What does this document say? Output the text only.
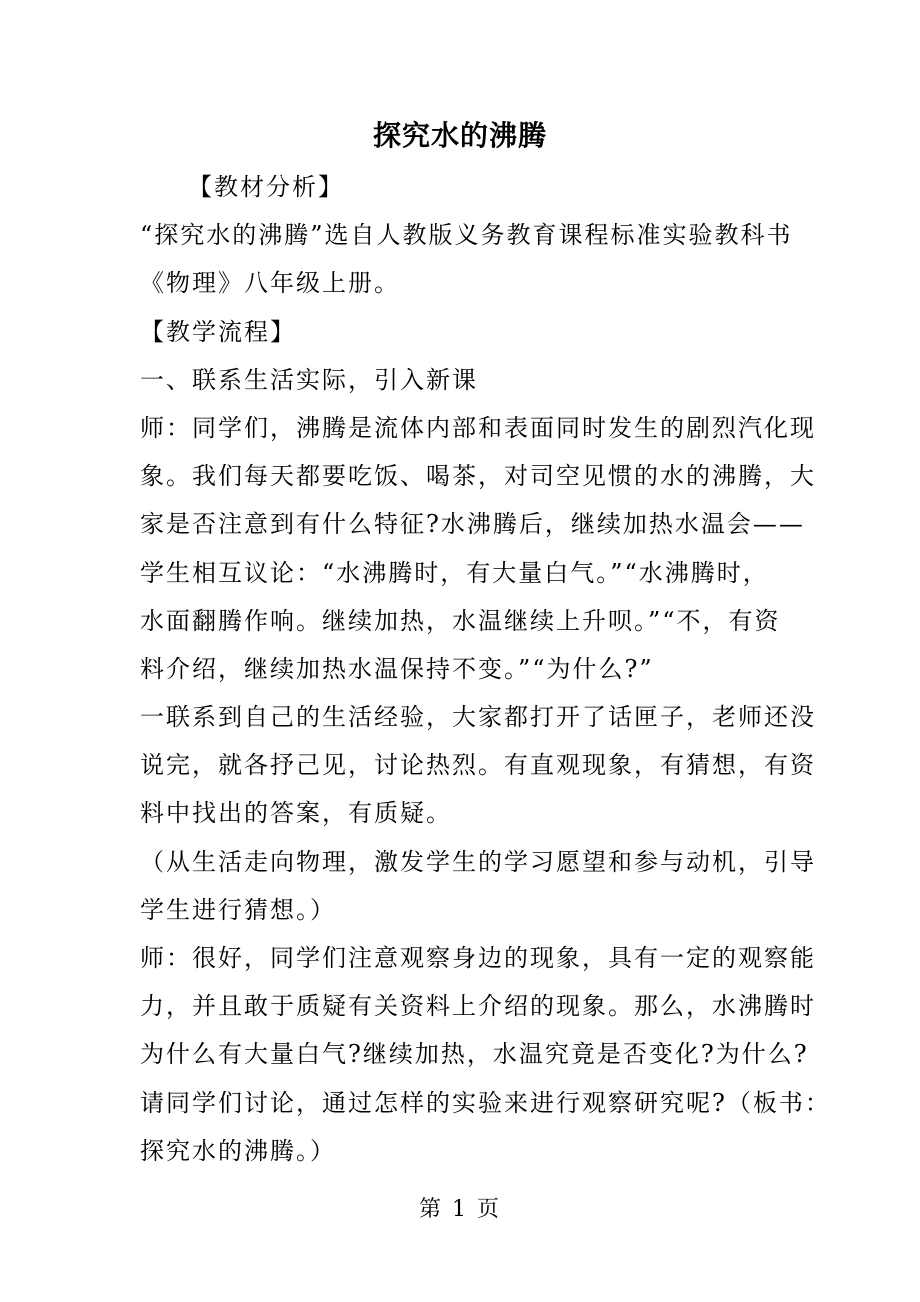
探究水的沸腾
【教材分析】
“探究水的沸腾”选自人教版义务教育课程标准实验教科书
《物理》八年级上册。
【教学流程】
一、联系生活实际，引入新课
师：同学们，沸腾是流体内部和表面同时发生的剧烈汽化现
象。我们每天都要吃饭、喝茶，对司空见惯的水的沸腾，大
家是否注意到有什么特征?水沸腾后，继续加热水温会——
学生相互议论：“水沸腾时，有大量白气。”“水沸腾时，
水面翻腾作响。继续加热，水温继续上升呗。”“不，有资
料介绍，继续加热水温保持不变。”“为什么?”
一联系到自己的生活经验，大家都打开了话匣子，老师还没
说完，就各抒己见，讨论热烈。有直观现象，有猜想，有资
料中找出的答案，有质疑。
（从生活走向物理，激发学生的学习愿望和参与动机，引导
学生进行猜想。）
师：很好，同学们注意观察身边的现象，具有一定的观察能
力，并且敢于质疑有关资料上介绍的现象。那么，水沸腾时
为什么有大量白气?继续加热，水温究竟是否变化?为什么?
请同学们讨论，通过怎样的实验来进行观察研究呢?（板书：
探究水的沸腾。）
第 1 页
